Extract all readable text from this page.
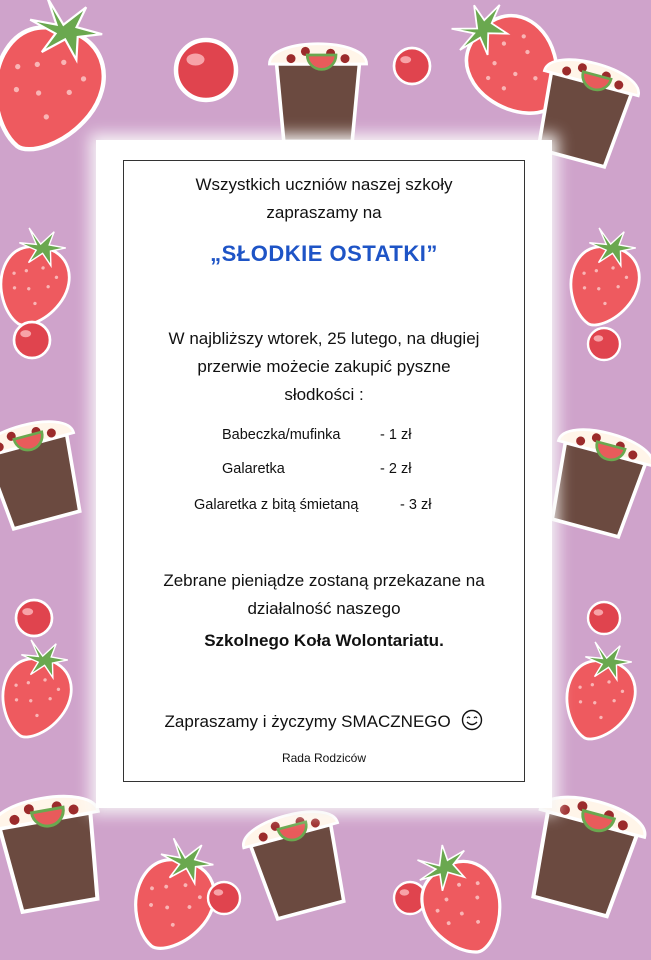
Wszystkich uczniów naszej szkoły
zapraszamy na
„SŁODKIE OSTATKI”
W najbliższy wtorek, 25 lutego, na długiej
przerwie możecie zakupić pyszne
słodkości :
Babeczka/mufinka	- 1 zł
Galaretka	- 2 zł
Galaretka z bitą śmietaną	- 3 zł
Zebrane pieniądze zostaną przekazane na
działalność naszego
Szkolnego Koła Wolontariatu.
Zapraszamy i życzymy SMACZNEGO
Rada Rodziców
